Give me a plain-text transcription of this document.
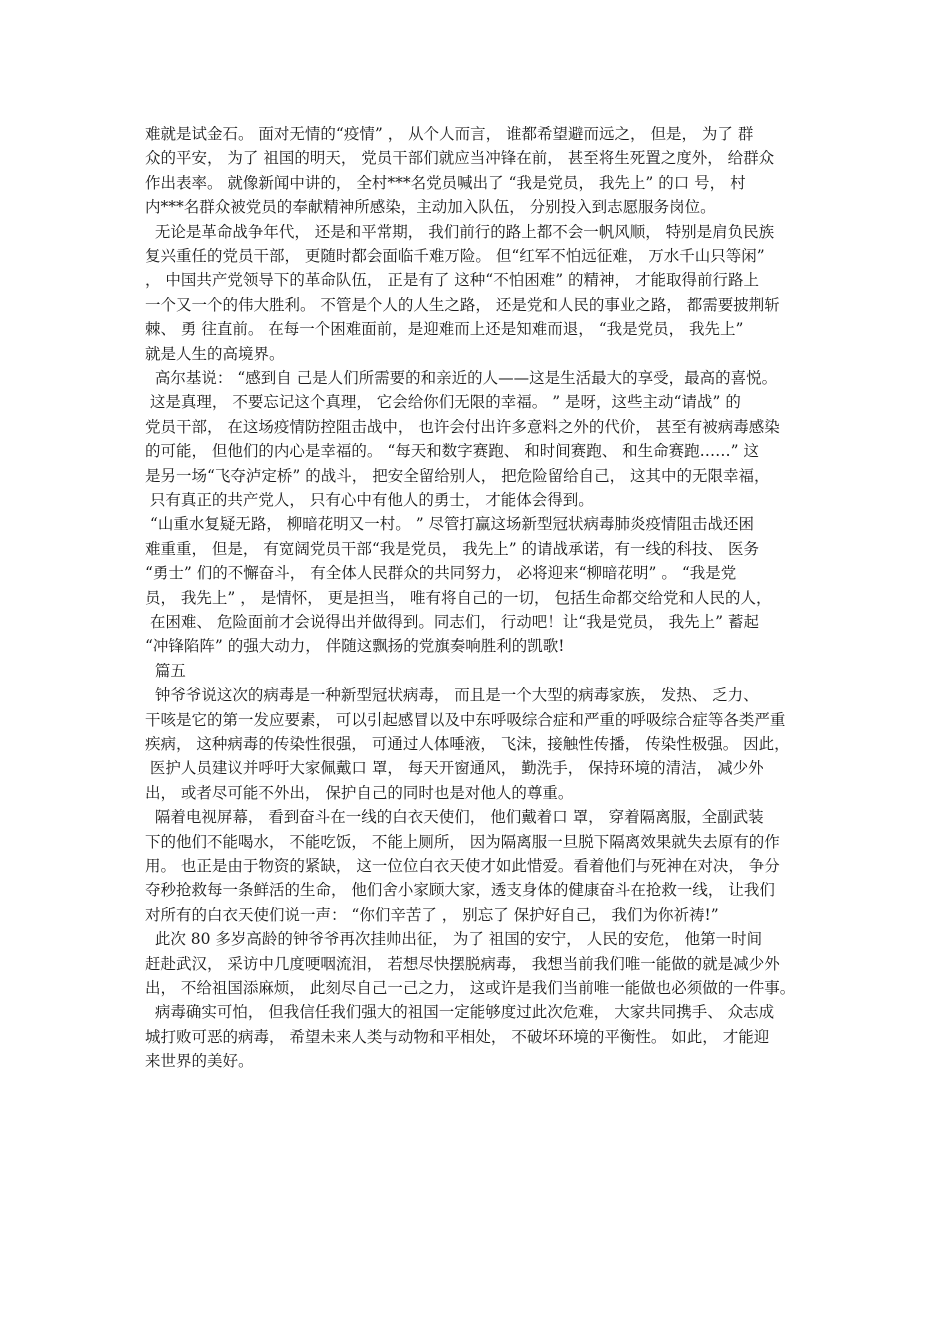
难就是试金石。 面对无情的“疫情” ， 从个人而言， 谁都希望避而远之， 但是， 为了 群
众的平安， 为了 祖国的明天， 党员干部们就应当冲锋在前， 甚至将生死置之度外， 给群众
作出表率。 就像新闻中讲的， 全村***名党员喊出了 “我是党员， 我先上” 的口 号， 村
内***名群众被党员的奉献精神所感染，主动加入队伍， 分别投入到志愿服务岗位。
无论是革命战争年代， 还是和平常期， 我们前行的路上都不会一帆风顺， 特别是肩负民族
复兴重任的党员干部， 更随时都会面临千难万险。 但“红军不怕远征难， 万水千山只等闲”
， 中国共产党领导下的革命队伍， 正是有了 这种“不怕困难” 的精神， 才能取得前行路上
一个又一个的伟大胜利。 不管是个人的人生之路， 还是党和人民的事业之路， 都需要披荆斩
棘、 勇 往直前。 在每一个困难面前，是迎难而上还是知难而退， “我是党员， 我先上”
就是人生的高境界。
高尔基说： “感到自 己是人们所需要的和亲近的人——这是生活最大的享受，最高的喜悦。
这是真理， 不要忘记这个真理， 它会给你们无限的幸福。 ” 是呀，这些主动“请战” 的
党员干部， 在这场疫情防控阻击战中， 也许会付出许多意料之外的代价， 甚至有被病毒感染
的可能， 但他们的内心是幸福的。 “每天和数字赛跑、 和时间赛跑、 和生命赛跑……” 这
是另一场“飞夺泸定桥” 的战斗， 把安全留给别人， 把危险留给自己， 这其中的无限幸福，
只有真正的共产党人， 只有心中有他人的勇士， 才能体会得到。
“山重水复疑无路， 柳暗花明又一村。 ” 尽管打赢这场新型冠状病毒肺炎疫情阻击战还困
难重重， 但是， 有宽阔党员干部“我是党员， 我先上” 的请战承诺，有一线的科技、 医务
“勇士” 们的不懈奋斗， 有全体人民群众的共同努力， 必将迎来“柳暗花明” 。 “我是党
员， 我先上” ， 是情怀， 更是担当， 唯有将自己的一切， 包括生命都交给党和人民的人，
在困难、 危险面前才会说得出并做得到。同志们， 行动吧！让“我是党员， 我先上” 蓄起
“冲锋陷阵” 的强大动力， 伴随这飘扬的党旗奏响胜利的凯歌!
篇五
钟爷爷说这次的病毒是一种新型冠状病毒， 而且是一个大型的病毒家族， 发热、 乏力、
干咳是它的第一发应要素， 可以引起感冒以及中东呼吸综合症和严重的呼吸综合症等各类严重
疾病， 这种病毒的传染性很强， 可通过人体唾液， 飞沫，接触性传播， 传染性极强。 因此，
医护人员建议并呼吁大家佩戴口 罩， 每天开窗通风， 勤洗手， 保持环境的清洁， 减少外
出， 或者尽可能不外出， 保护自己的同时也是对他人的尊重。
隔着电视屏幕， 看到奋斗在一线的白衣天使们， 他们戴着口 罩， 穿着隔离服，全副武装
下的他们不能喝水， 不能吃饭， 不能上厕所， 因为隔离服一旦脱下隔离效果就失去原有的作
用。 也正是由于物资的紧缺， 这一位位白衣天使才如此惜爱。看着他们与死神在对决， 争分
夺秒抢救每一条鲜活的生命， 他们舍小家顾大家，透支身体的健康奋斗在抢救一线， 让我们
对所有的白衣天使们说一声： “你们辛苦了 ， 别忘了 保护好自己， 我们为你祈祷!”
此次 80 多岁高龄的钟爷爷再次挂帅出征， 为了 祖国的安宁， 人民的安危， 他第一时间
赶赴武汉， 采访中几度哽咽流泪， 若想尽快摆脱病毒， 我想当前我们唯一能做的就是减少外
出， 不给祖国添麻烦， 此刻尽自己一己之力， 这或许是我们当前唯一能做也必须做的一件事。
病毒确实可怕， 但我信任我们强大的祖国一定能够度过此次危难， 大家共同携手、 众志成
城打败可恶的病毒， 希望未来人类与动物和平相处， 不破坏环境的平衡性。 如此， 才能迎
来世界的美好。
